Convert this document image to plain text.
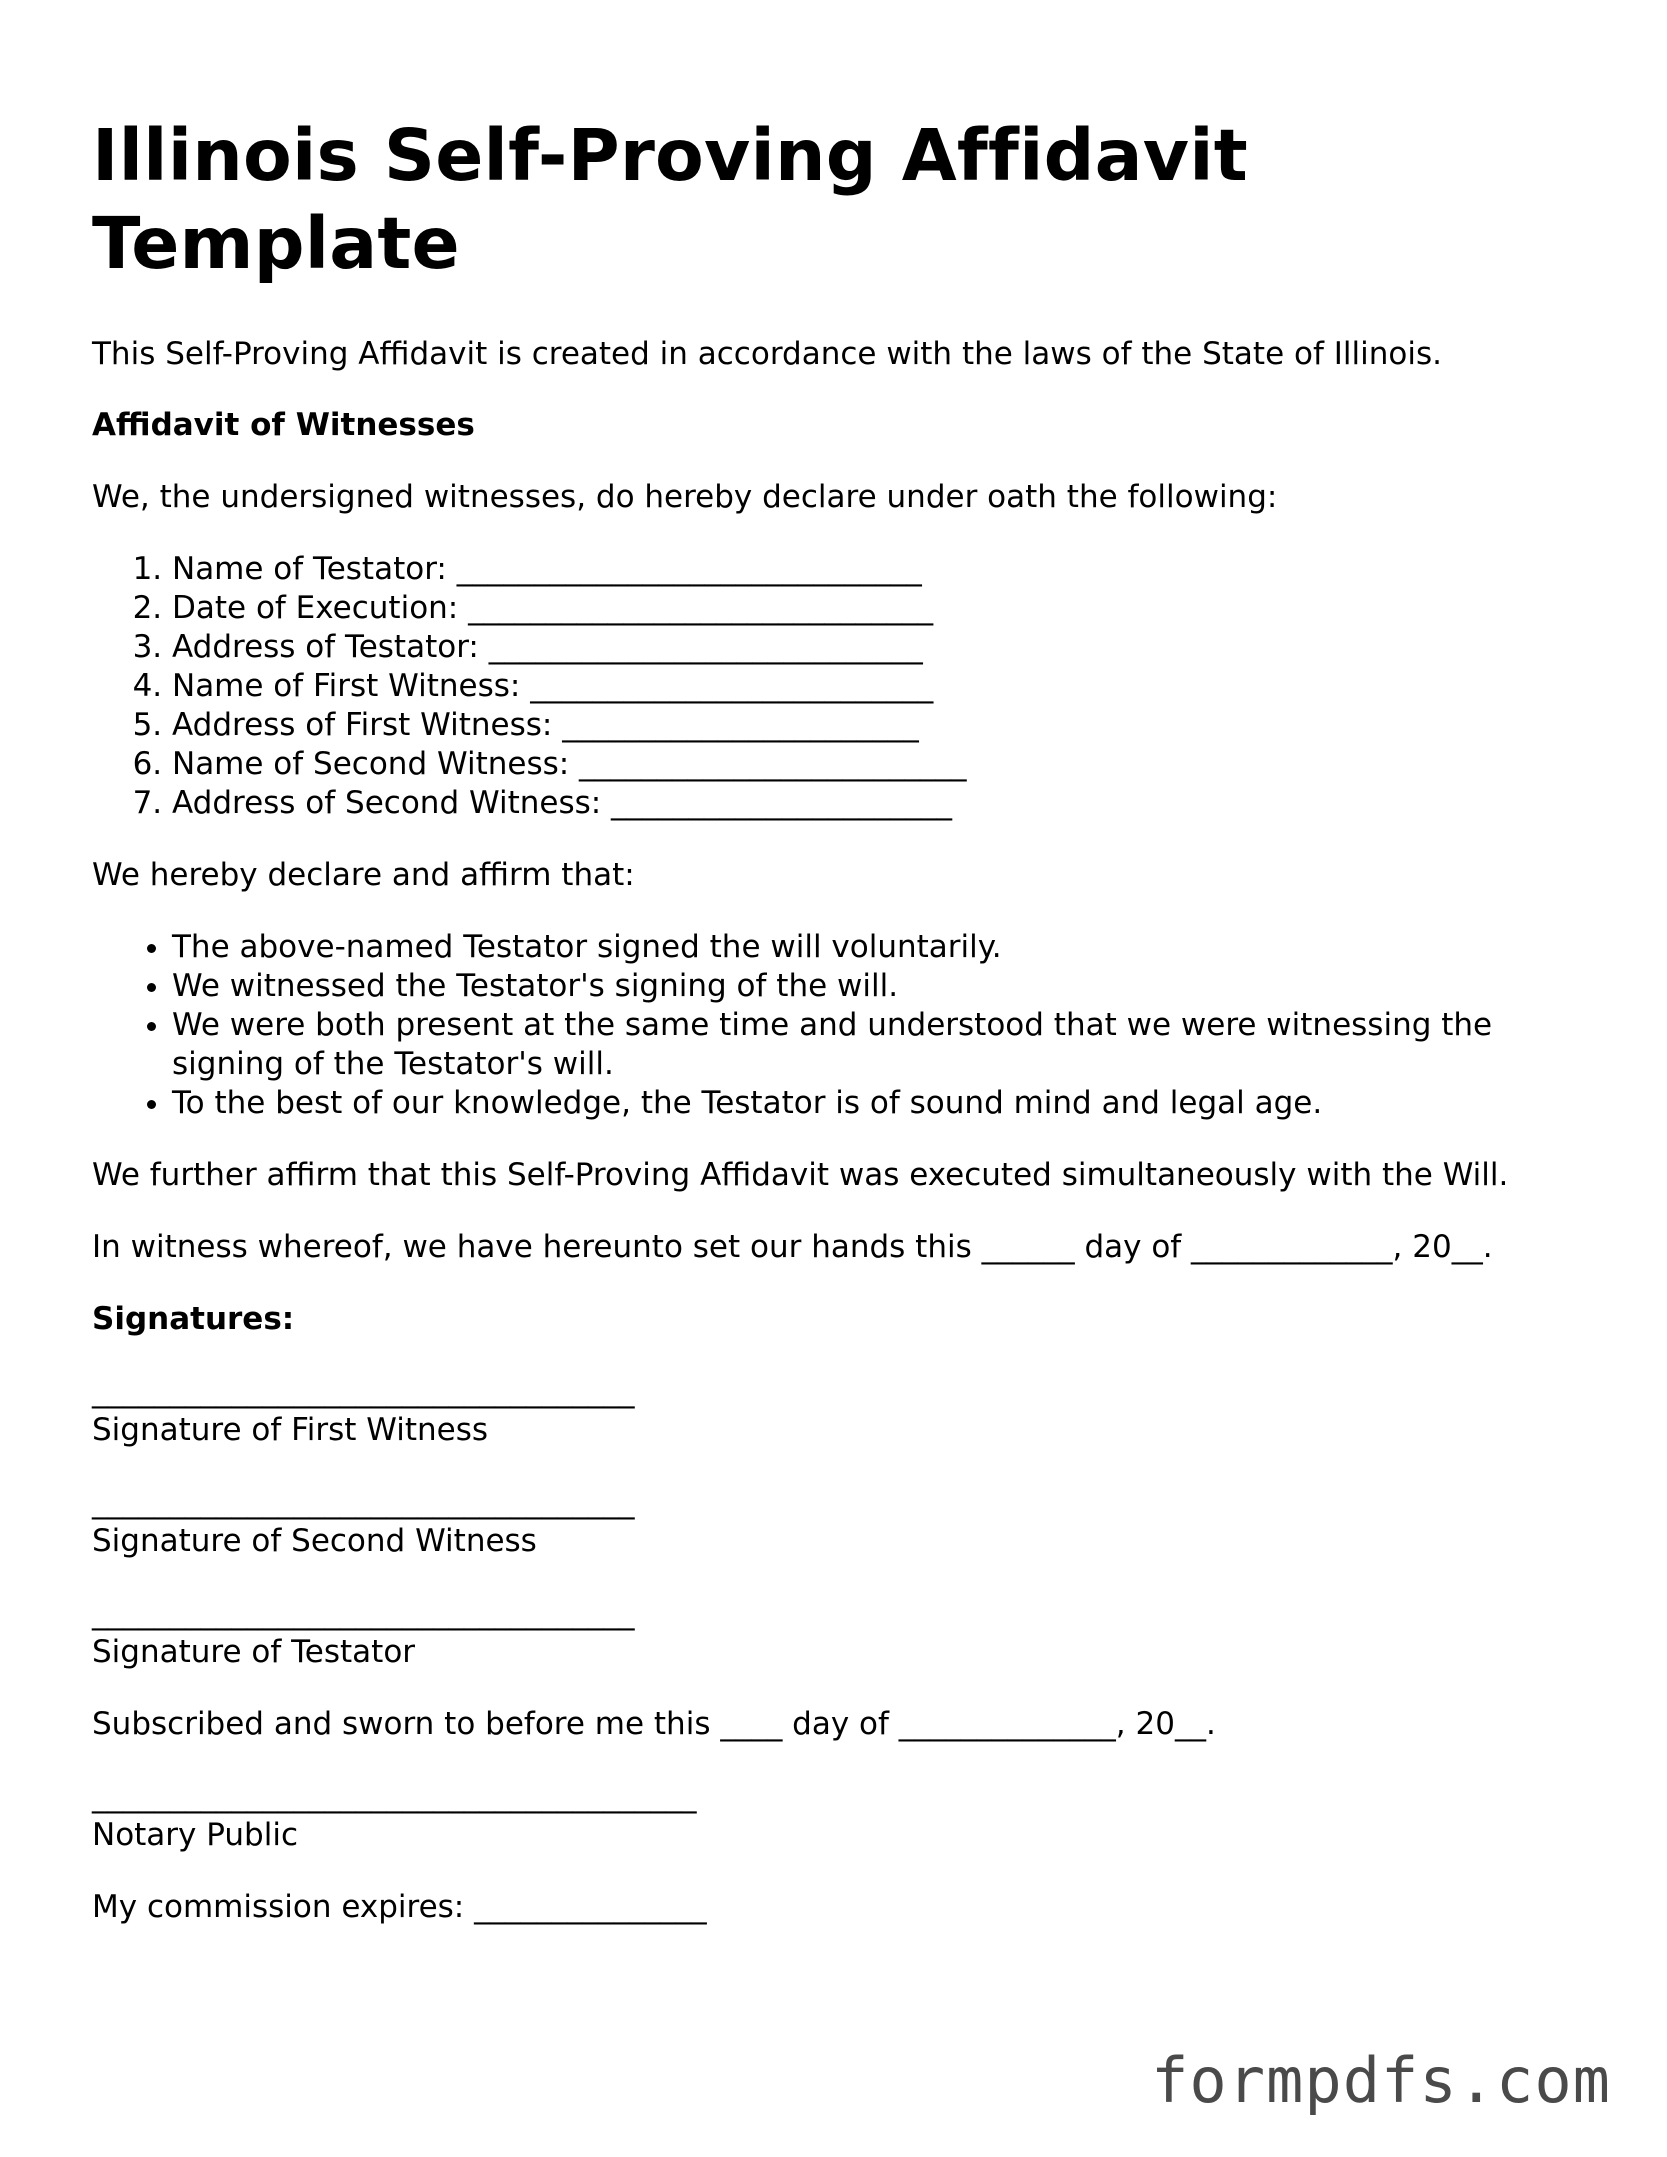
Illinois Self-Proving Affidavit Template

This Self-Proving Affidavit is created in accordance with the laws of the State of Illinois.

Affidavit of Witnesses

We, the undersigned witnesses, do hereby declare under oath the following:

1. Name of Testator: ______________________________
2. Date of Execution: ______________________________
3. Address of Testator: ____________________________
4. Name of First Witness: __________________________
5. Address of First Witness: _______________________
6. Name of Second Witness: _________________________
7. Address of Second Witness: ______________________

We hereby declare and affirm that:

• The above-named Testator signed the will voluntarily.
• We witnessed the Testator's signing of the will.
• We were both present at the same time and understood that we were witnessing the signing of the Testator's will.
• To the best of our knowledge, the Testator is of sound mind and legal age.

We further affirm that this Self-Proving Affidavit was executed simultaneously with the Will.

In witness whereof, we have hereunto set our hands this ______ day of _____________, 20__.

Signatures:

___________________________________

Signature of First Witness

___________________________________

Signature of Second Witness

___________________________________

Signature of Testator

Subscribed and sworn to before me this ____ day of ______________, 20__.

_______________________________________

Notary Public

My commission expires: _______________

formpdfs.com
